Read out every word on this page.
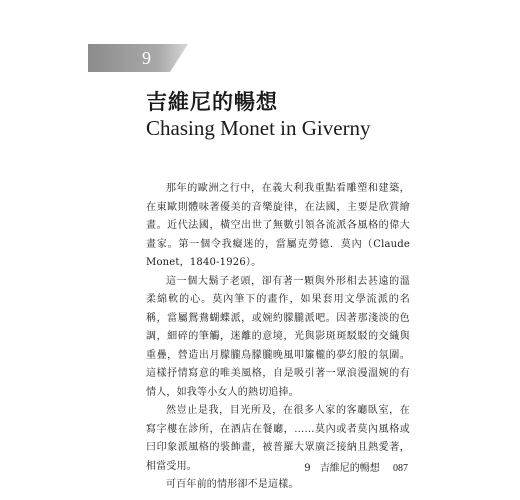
9
吉維尼的暢想
Chasing Monet in Giverny

那年的歐洲之行中，在義大利我重點看雕塑和建築，在東歐則體味著優美的音樂旋律，在法國，主要是欣賞繪畫。近代法國，橫空出世了無數引領各流派各風格的偉大畫家。第一個令我癡迷的，當屬克勞德．莫內（Claude Monet，1840-1926）。

這一個大鬍子老頭，卻有著一顆與外形相去甚遠的溫柔綿軟的心。莫內筆下的畫作，如果套用文學流派的名稱，當屬鴛鴦蝴蝶派，或婉約朦朧派吧。因著那淺淡的色調，細碎的筆觸，迷離的意境，光與影斑斑駁駁的交織與重疊，營造出月朦朧鳥朦朧晚風叩簾櫳的夢幻般的氛圍。這樣抒情寫意的唯美風格，自是吸引著一眾浪漫溫婉的有情人，如我等小女人的熱切追捧。

然豈止是我，目光所及，在很多人家的客廳臥室，在寫字樓在診所，在酒店在餐廳，……莫內或者莫內風格或曰印象派風格的裝飾畫，被普羅大眾廣泛接納且熱愛著，相當受用。

可百年前的情形卻不是這樣。

9 吉維尼的暢想 087
